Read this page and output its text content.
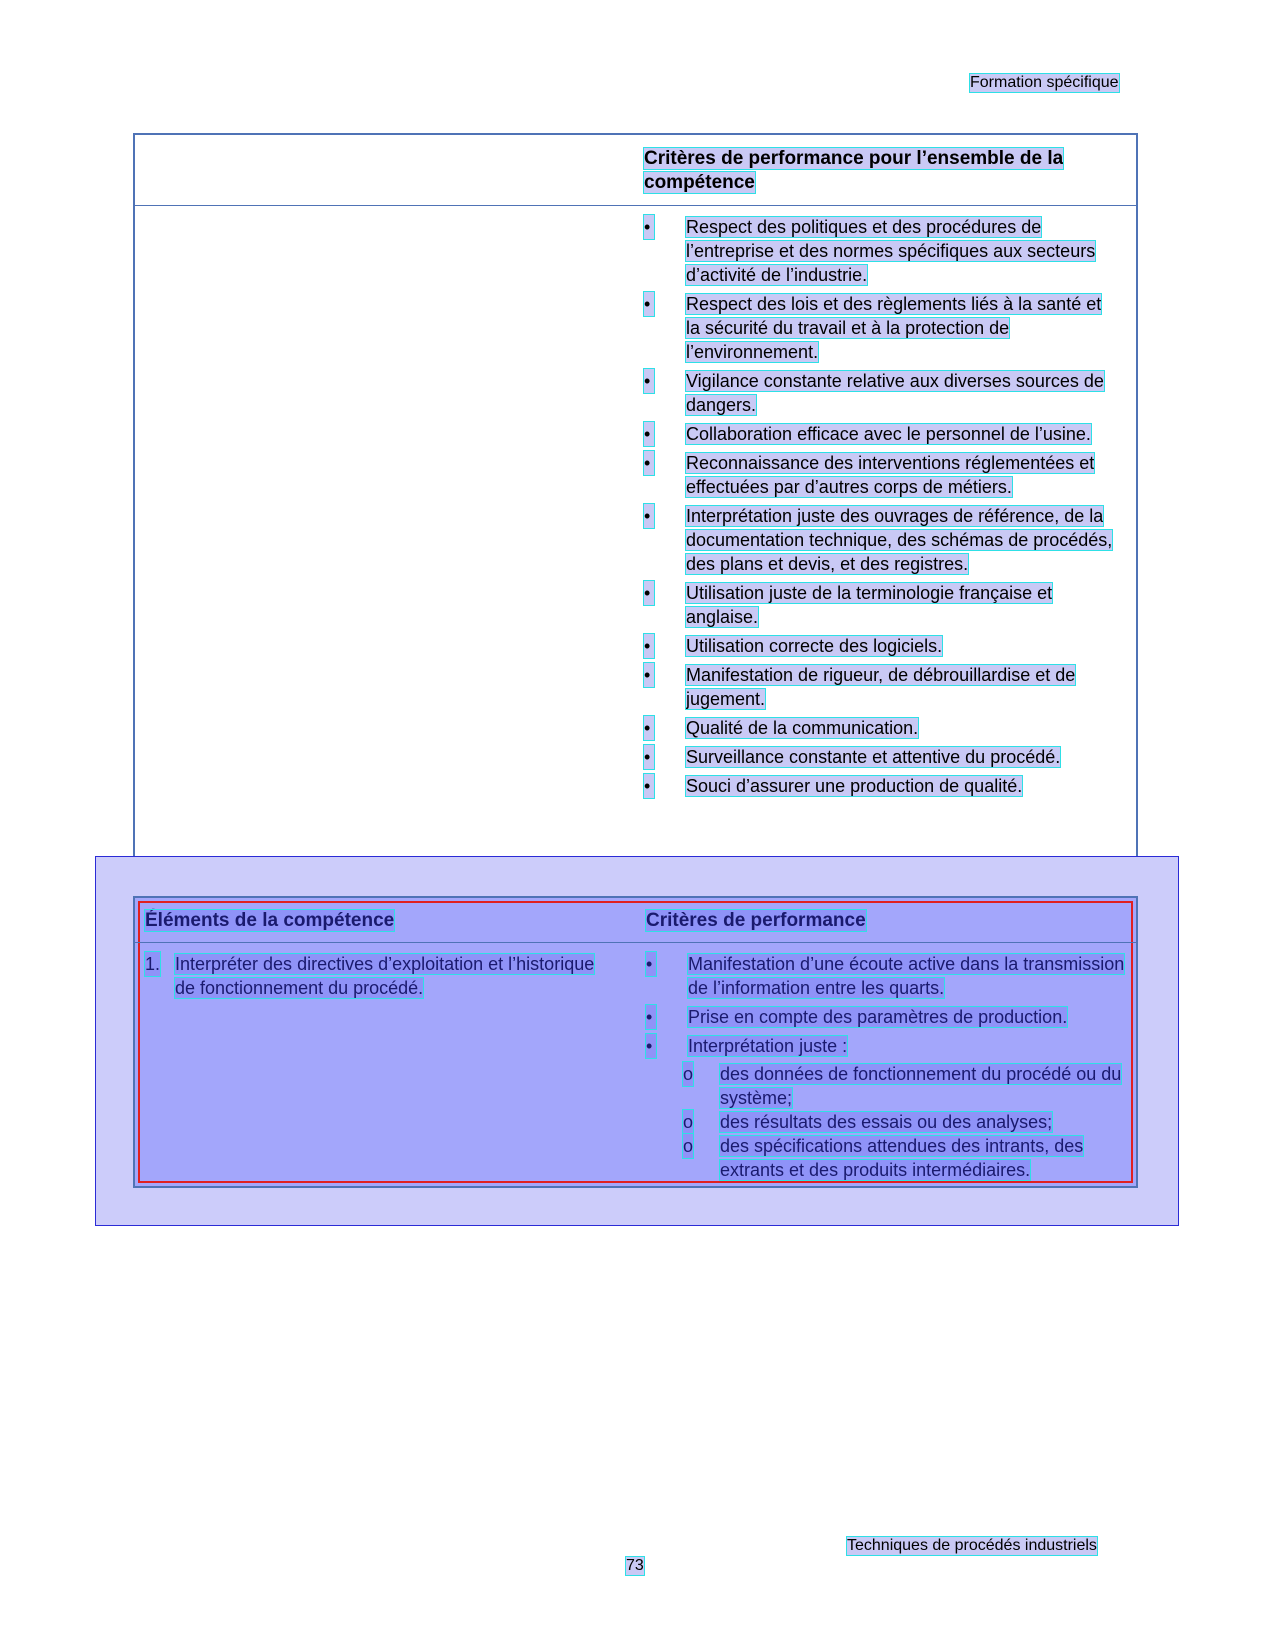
Formation spécifique
Critères de performance pour l’ensemble de la compétence
• Respect des politiques et des procédures de l’entreprise et des normes spécifiques aux secteurs d’activité de l’industrie.
• Respect des lois et des règlements liés à la santé et la sécurité du travail et à la protection de l’environnement.
• Vigilance constante relative aux diverses sources de dangers.
• Collaboration efficace avec le personnel de l’usine.
• Reconnaissance des interventions réglementées et effectuées par d’autres corps de métiers.
• Interprétation juste des ouvrages de référence, de la documentation technique, des schémas de procédés, des plans et devis, et des registres.
• Utilisation juste de la terminologie française et anglaise.
• Utilisation correcte des logiciels.
• Manifestation de rigueur, de débrouillardise et de jugement.
• Qualité de la communication.
• Surveillance constante et attentive du procédé.
• Souci d’assurer une production de qualité.
Éléments de la compétence	Critères de performance
1. Interpréter des directives d’exploitation et l’historique de fonctionnement du procédé.
• Manifestation d’une écoute active dans la transmission de l’information entre les quarts.
• Prise en compte des paramètres de production.
• Interprétation juste :
o des données de fonctionnement du procédé ou du système;
o des résultats des essais ou des analyses;
o des spécifications attendues des intrants, des extrants et des produits intermédiaires.
Techniques de procédés industriels
73
